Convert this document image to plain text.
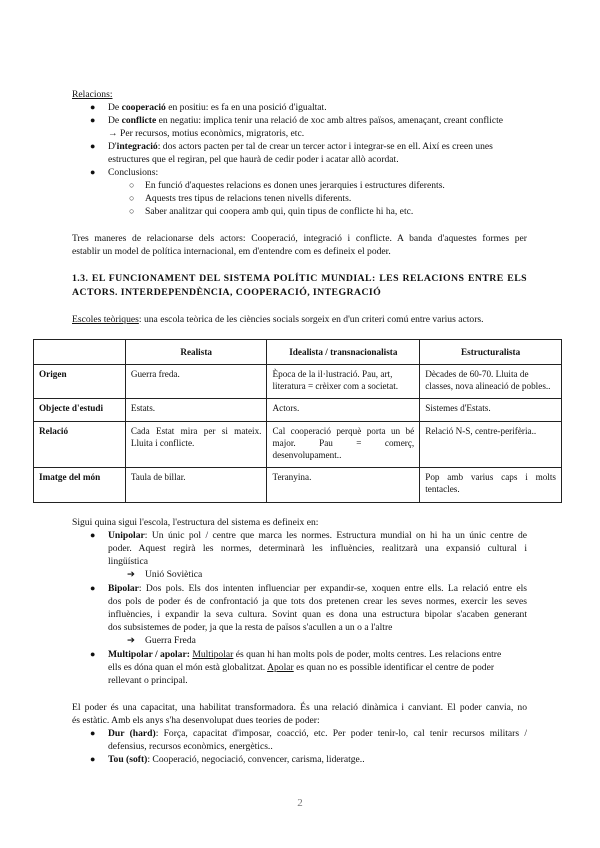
Relacions:
● De cooperació en positiu: es fa en una posició d'igualtat.
● De conflicte en negatiu: implica tenir una relació de xoc amb altres països, amenaçant, creant conflicte
→ Per recursos, motius econòmics, migratoris, etc.
● D'integració: dos actors pacten per tal de crear un tercer actor i integrar-se en ell. Així es creen unes
estructures que el regiran, pel que haurà de cedir poder i acatar allò acordat.
● Conclusions:
○ En funció d'aquestes relacions es donen unes jerarquies i estructures diferents.
○ Aquests tres tipus de relacions tenen nivells diferents.
○ Saber analitzar qui coopera amb qui, quin tipus de conflicte hi ha, etc.
Tres maneres de relacionarse dels actors: Cooperació, integració i conflicte. A banda d'aquestes formes per
establir un model de política internacional, em d'entendre com es defineix el poder.
1.3. EL FUNCIONAMENT DEL SISTEMA POLÍTIC MUNDIAL: LES RELACIONS ENTRE ELS
ACTORS. INTERDEPENDÈNCIA, COOPERACIÓ, INTEGRACIÓ
Escoles teòriques: una escola teòrica de les ciències socials sorgeix en d'un criteri comú entre varius actors.
	Realista	Idealista / transnacionalista	Estructuralista
Origen	Guerra freda.	Època de la il·lustració. Pau, art, literatura = crèixer com a societat.	Dècades de 60-70. Lluita de classes, nova alineació de pobles..
Objecte d'estudi	Estats.	Actors.	Sistemes d'Estats.
Relació	Cada Estat mira per si mateix. Lluita i conflicte.	Cal cooperació perquè porta un bé major. Pau = comerç, desenvolupament..	Relació N-S, centre-perifèria..
Imatge del món	Taula de billar.	Teranyina.	Pop amb varius caps i molts tentacles.
Sigui quina sigui l'escola, l'estructura del sistema es defineix en:
● Unipolar: Un únic pol / centre que marca les normes. Estructura mundial on hi ha un únic centre de
poder. Aquest regirà les normes, determinarà les influències, realitzarà una expansió cultural i
lingüística
➔ Unió Soviètica
● Bipolar: Dos pols. Els dos intenten influenciar per expandir-se, xoquen entre ells. La relació entre els
dos pols de poder és de confrontació ja que tots dos pretenen crear les seves normes, exercir les seves
influències, i expandir la seva cultura. Sovint quan es dona una estructura bipolar s'acaben generant
dos subsistemes de poder, ja que la resta de països s'acullen a un o a l'altre
➔ Guerra Freda
● Multipolar / apolar: Multipolar és quan hi han molts pols de poder, molts centres. Les relacions entre
ells es dóna quan el món està globalitzat. Apolar es quan no es possible identificar el centre de poder
rellevant o principal.
El poder és una capacitat, una habilitat transformadora. És una relació dinàmica i canviant. El poder canvia, no
és estàtic. Amb els anys s'ha desenvolupat dues teories de poder:
● Dur (hard): Força, capacitat d'imposar, coacció, etc. Per poder tenir-lo, cal tenir recursos militars /
defensius, recursos econòmics, energètics..
● Tou (soft): Cooperació, negociació, convencer, carisma, lideratge..
2
